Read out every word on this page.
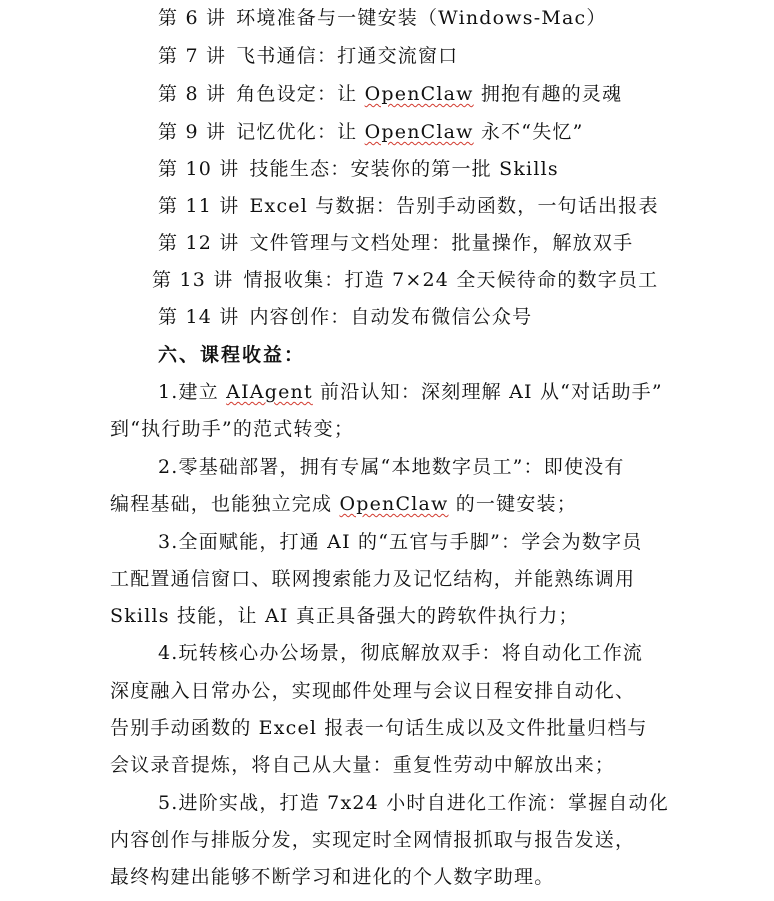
第 6 讲 环境准备与一键安装（Windows-Mac）
第 7 讲 飞书通信：打通交流窗口
第 8 讲 角色设定：让 OpenClaw 拥抱有趣的灵魂
第 9 讲 记忆优化：让 OpenClaw 永不“失忆”
第 10 讲 技能生态：安装你的第一批 Skills
第 11 讲 Excel 与数据：告别手动函数，一句话出报表
第 12 讲 文件管理与文档处理：批量操作，解放双手
第 13 讲 情报收集：打造 7×24 全天候待命的数字员工
第 14 讲 内容创作：自动发布微信公众号
六、课程收益：
1.建立 AIAgent 前沿认知：深刻理解 AI 从“对话助手”
到“执行助手”的范式转变；
2.零基础部署，拥有专属“本地数字员工”：即使没有
编程基础，也能独立完成 OpenClaw 的一键安装；
3.全面赋能，打通 AI 的“五官与手脚”：学会为数字员
工配置通信窗口、联网搜索能力及记忆结构，并能熟练调用
Skills 技能，让 AI 真正具备强大的跨软件执行力；
4.玩转核心办公场景，彻底解放双手：将自动化工作流
深度融入日常办公，实现邮件处理与会议日程安排自动化、
告别手动函数的 Excel 报表一句话生成以及文件批量归档与
会议录音提炼，将自己从大量：重复性劳动中解放出来；
5.进阶实战，打造 7x24 小时自进化工作流：掌握自动化
内容创作与排版分发，实现定时全网情报抓取与报告发送，
最终构建出能够不断学习和进化的个人数字助理。
